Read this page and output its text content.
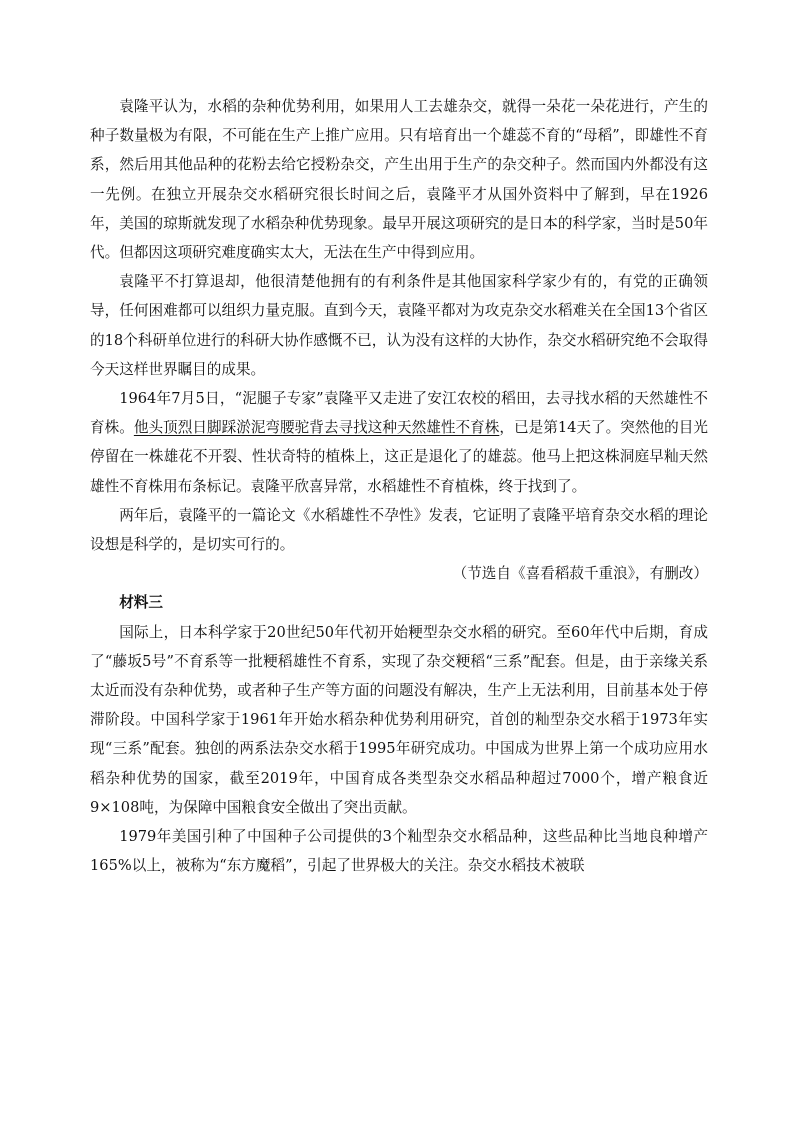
袁隆平认为，水稻的杂种优势利用，如果用人工去雄杂交，就得一朵花一朵花进行，产生的种子数量极为有限，不可能在生产上推广应用。只有培育出一个雄蕊不育的“母稻”，即雄性不育系，然后用其他品种的花粉去给它授粉杂交，产生出用于生产的杂交种子。然而国内外都没有这一先例。在独立开展杂交水稻研究很长时间之后，袁隆平才从国外资料中了解到，早在1926年，美国的琼斯就发现了水稻杂种优势现象。最早开展这项研究的是日本的科学家，当时是50年代。但都因这项研究难度确实太大，无法在生产中得到应用。

袁隆平不打算退却，他很清楚他拥有的有利条件是其他国家科学家少有的，有党的正确领导，任何困难都可以组织力量克服。直到今天，袁隆平都对为攻克杂交水稻难关在全国13个省区的18个科研单位进行的科研大协作感慨不已，认为没有这样的大协作，杂交水稻研究绝不会取得今天这样世界瞩目的成果。

1964年7月5日，“泥腿子专家”袁隆平又走进了安江农校的稻田，去寻找水稻的天然雄性不育株。他头顶烈日脚踩淤泥弯腰驼背去寻找这种天然雄性不育株，已是第14天了。突然他的目光停留在一株雄花不开裂、性状奇特的植株上，这正是退化了的雄蕊。他马上把这株洞庭早籼天然雄性不育株用布条标记。袁隆平欣喜异常，水稻雄性不育植株，终于找到了。

两年后，袁隆平的一篇论文《水稻雄性不孕性》发表，它证明了袁隆平培育杂交水稻的理论设想是科学的，是切实可行的。

（节选自《喜看稻菽千重浪》，有删改）

材料三

国际上，日本科学家于20世纪50年代初开始粳型杂交水稻的研究。至60年代中后期，育成了“藤坂5号”不育系等一批粳稻雄性不育系，实现了杂交粳稻“三系”配套。但是，由于亲缘关系太近而没有杂种优势，或者种子生产等方面的问题没有解决，生产上无法利用，目前基本处于停滞阶段。中国科学家于1961年开始水稻杂种优势利用研究，首创的籼型杂交水稻于1973年实现“三系”配套。独创的两系法杂交水稻于1995年研究成功。中国成为世界上第一个成功应用水稻杂种优势的国家，截至2019年，中国育成各类型杂交水稻品种超过7000个，增产粮食近9×108吨，为保障中国粮食安全做出了突出贡献。

1979年美国引种了中国种子公司提供的3个籼型杂交水稻品种，这些品种比当地良种增产165%以上，被称为“东方魔稻”，引起了世界极大的关注。杂交水稻技术被联
